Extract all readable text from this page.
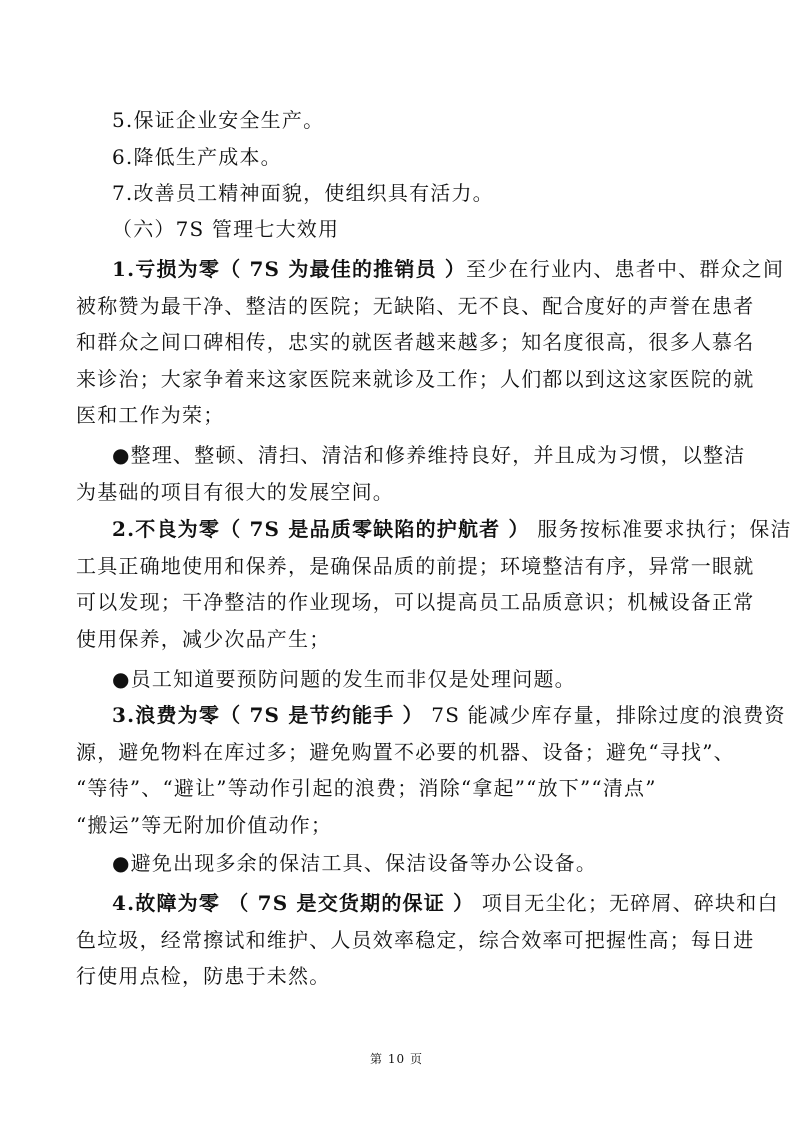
5.保证企业安全生产。

6.降低生产成本。

7.改善员工精神面貌，使组织具有活力。

（六）7S 管理七大效用

1.亏损为零（ 7S 为最佳的推销员 ）至少在行业内、患者中、群众之间
被称赞为最干净、整洁的医院；无缺陷、无不良、配合度好的声誉在患者
和群众之间口碑相传，忠实的就医者越来越多；知名度很高，很多人慕名
来诊治；大家争着来这家医院来就诊及工作；人们都以到这这家医院的就
医和工作为荣；
●整理、整顿、清扫、清洁和修养维持良好，并且成为习惯，以整洁
为基础的项目有很大的发展空间。
2.不良为零（ 7S 是品质零缺陷的护航者 ） 服务按标准要求执行；保洁
工具正确地使用和保养，是确保品质的前提；环境整洁有序，异常一眼就
可以发现；干净整洁的作业现场，可以提高员工品质意识；机械设备正常
使用保养，减少次品产生；
●员工知道要预防问题的发生而非仅是处理问题。
3.浪费为零（ 7S 是节约能手 ） 7S 能减少库存量，排除过度的浪费资
源，避免物料在库过多；避免购置不必要的机器、设备；避免“寻找”、
“等待”、“避让”等动作引起的浪费；消除“拿起”“放下”“清点”
“搬运”等无附加价值动作；
●避免出现多余的保洁工具、保洁设备等办公设备。
4.故障为零 （ 7S 是交货期的保证 ） 项目无尘化；无碎屑、碎块和白
色垃圾，经常擦试和维护、人员效率稳定，综合效率可把握性高；每日进
行使用点检，防患于未然。
第 10 页
